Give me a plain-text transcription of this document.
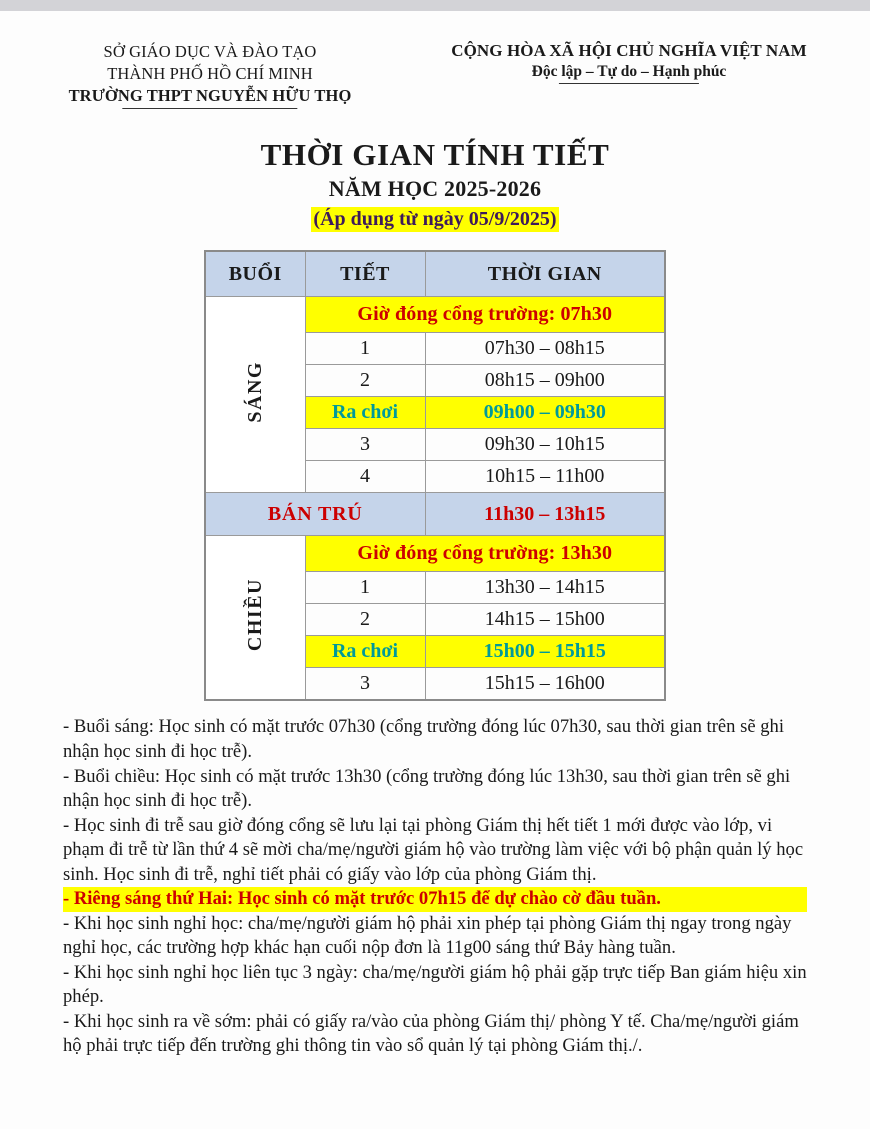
SỞ GIÁO DỤC VÀ ĐÀO TẠO
THÀNH PHỐ HỒ CHÍ MINH
TRƯỜNG THPT NGUYỄN HỮU THỌ
CỘNG HÒA XÃ HỘI CHỦ NGHĨA VIỆT NAM
Độc lập – Tự do – Hạnh phúc
THỜI GIAN TÍNH TIẾT
NĂM HỌC 2025-2026
(Áp dụng từ ngày 05/9/2025)
BUỔI	TIẾT	THỜI GIAN
SÁNG	Giờ đóng cổng trường: 07h30	
	1	07h30 – 08h15
	2	08h15 – 09h00
	Ra chơi	09h00 – 09h30
	3	09h30 – 10h15
	4	10h15 – 11h00
BÁN TRÚ		11h30 – 13h15
CHIỀU	Giờ đóng cổng trường: 13h30	
	1	13h30 – 14h15
	2	14h15 – 15h00
	Ra chơi	15h00 – 15h15
	3	15h15 – 16h00

- Buổi sáng: Học sinh có mặt trước 07h30 (cổng trường đóng lúc 07h30, sau thời gian trên sẽ ghi nhận học sinh đi học trễ).

- Buổi chiều: Học sinh có mặt trước 13h30 (cổng trường đóng lúc 13h30, sau thời gian trên sẽ ghi nhận học sinh đi học trễ).

- Học sinh đi trễ sau giờ đóng cổng sẽ lưu lại tại phòng Giám thị hết tiết 1 mới được vào lớp, vi phạm đi trễ từ lần thứ 4 sẽ mời cha/mẹ/người giám hộ vào trường làm việc với bộ phận quản lý học sinh. Học sinh đi trễ, nghỉ tiết phải có giấy vào lớp của phòng Giám thị.

- Riêng sáng thứ Hai: Học sinh có mặt trước 07h15 để dự chào cờ đầu tuần.

- Khi học sinh nghỉ học: cha/mẹ/người giám hộ phải xin phép tại phòng Giám thị ngay trong ngày nghỉ học, các trường hợp khác hạn cuối nộp đơn là 11g00 sáng thứ Bảy hàng tuần.

- Khi học sinh nghỉ học liên tục 3 ngày: cha/mẹ/người giám hộ phải gặp trực tiếp Ban giám hiệu xin phép.

- Khi học sinh ra về sớm: phải có giấy ra/vào của phòng Giám thị/ phòng Y tế. Cha/mẹ/người giám hộ phải trực tiếp đến trường ghi thông tin vào sổ quản lý tại phòng Giám thị./.
